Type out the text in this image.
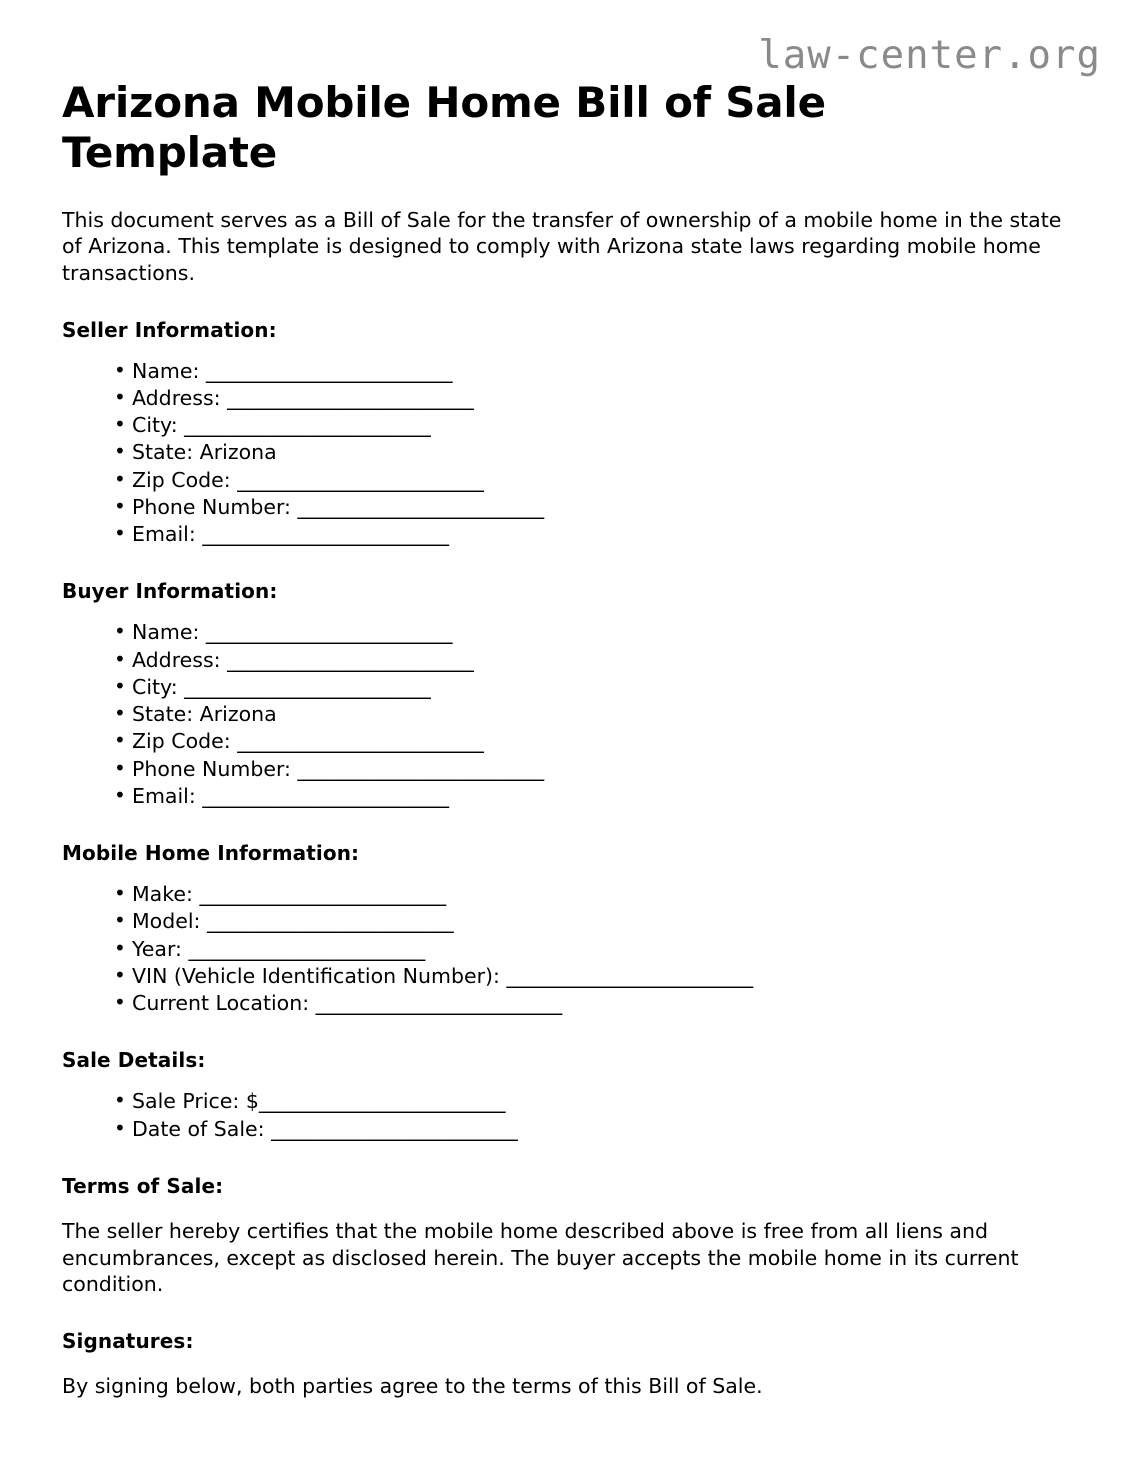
law-center.org
Arizona Mobile Home Bill of Sale Template

This document serves as a Bill of Sale for the transfer of ownership of a mobile home in the state of Arizona. This template is designed to comply with Arizona state laws regarding mobile home transactions.

Seller Information:
• Name: _________________________
• Address: _________________________
• City: _________________________
• State: Arizona
• Zip Code: _________________________
• Phone Number: _________________________
• Email: _________________________
Buyer Information:
• Name: _________________________
• Address: _________________________
• City: _________________________
• State: Arizona
• Zip Code: _________________________
• Phone Number: _________________________
• Email: _________________________
Mobile Home Information:
• Make: _________________________
• Model: _________________________
• Year: ________________________
• VIN (Vehicle Identification Number): _________________________
• Current Location: _________________________
Sale Details:
• Sale Price: $_________________________
• Date of Sale: _________________________
Terms of Sale:

The seller hereby certifies that the mobile home described above is free from all liens and encumbrances, except as disclosed herein. The buyer accepts the mobile home in its current condition.

Signatures:

By signing below, both parties agree to the terms of this Bill of Sale.
